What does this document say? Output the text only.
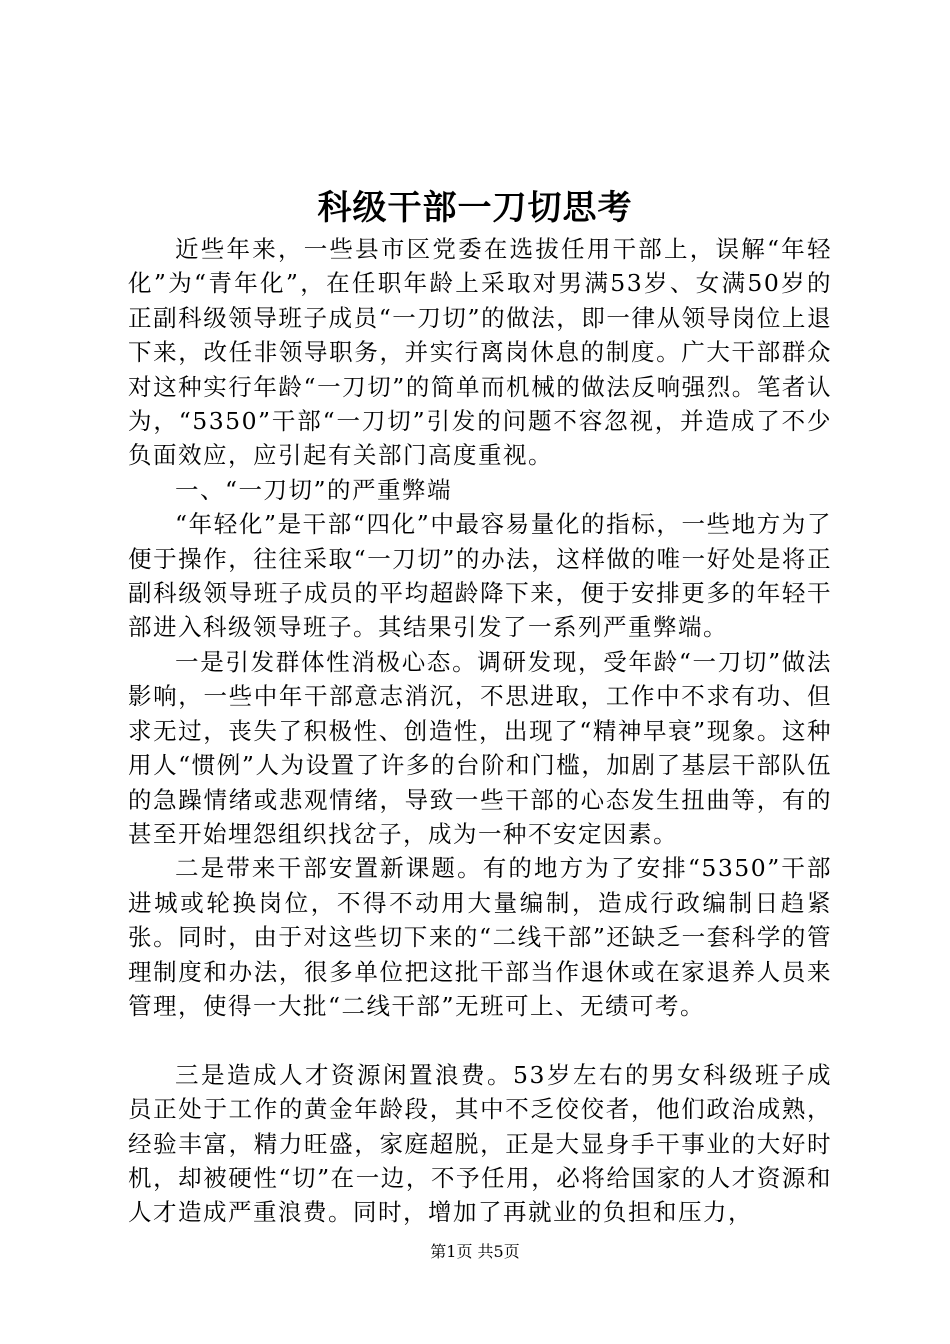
科级干部一刀切思考

近些年来，一些县市区党委在选拔任用干部上，误解“年轻化”为“青年化”，在任职年龄上采取对男满53岁、女满50岁的正副科级领导班子成员“一刀切”的做法，即一律从领导岗位上退下来，改任非领导职务，并实行离岗休息的制度。广大干部群众对这种实行年龄“一刀切”的简单而机械的做法反响强烈。笔者认为，“5350”干部“一刀切”引发的问题不容忽视，并造成了不少负面效应，应引起有关部门高度重视。

一、“一刀切”的严重弊端

“年轻化”是干部“四化”中最容易量化的指标，一些地方为了便于操作，往往采取“一刀切”的办法，这样做的唯一好处是将正副科级领导班子成员的平均超龄降下来，便于安排更多的年轻干部进入科级领导班子。其结果引发了一系列严重弊端。

一是引发群体性消极心态。调研发现，受年龄“一刀切”做法影响，一些中年干部意志消沉，不思进取，工作中不求有功、但求无过，丧失了积极性、创造性，出现了“精神早衰”现象。这种用人“惯例”人为设置了许多的台阶和门槛，加剧了基层干部队伍的急躁情绪或悲观情绪，导致一些干部的心态发生扭曲等，有的甚至开始埋怨组织找岔子，成为一种不安定因素。

二是带来干部安置新课题。有的地方为了安排“5350”干部进城或轮换岗位，不得不动用大量编制，造成行政编制日趋紧张。同时，由于对这些切下来的“二线干部”还缺乏一套科学的管理制度和办法，很多单位把这批干部当作退休或在家退养人员来管理，使得一大批“二线干部”无班可上、无绩可考。

三是造成人才资源闲置浪费。53岁左右的男女科级班子成员正处于工作的黄金年龄段，其中不乏佼佼者，他们政治成熟，经验丰富，精力旺盛，家庭超脱，正是大显身手干事业的大好时机，却被硬性“切”在一边，不予任用，必将给国家的人才资源和人才造成严重浪费。同时，增加了再就业的负担和压力，

第1页 共5页
